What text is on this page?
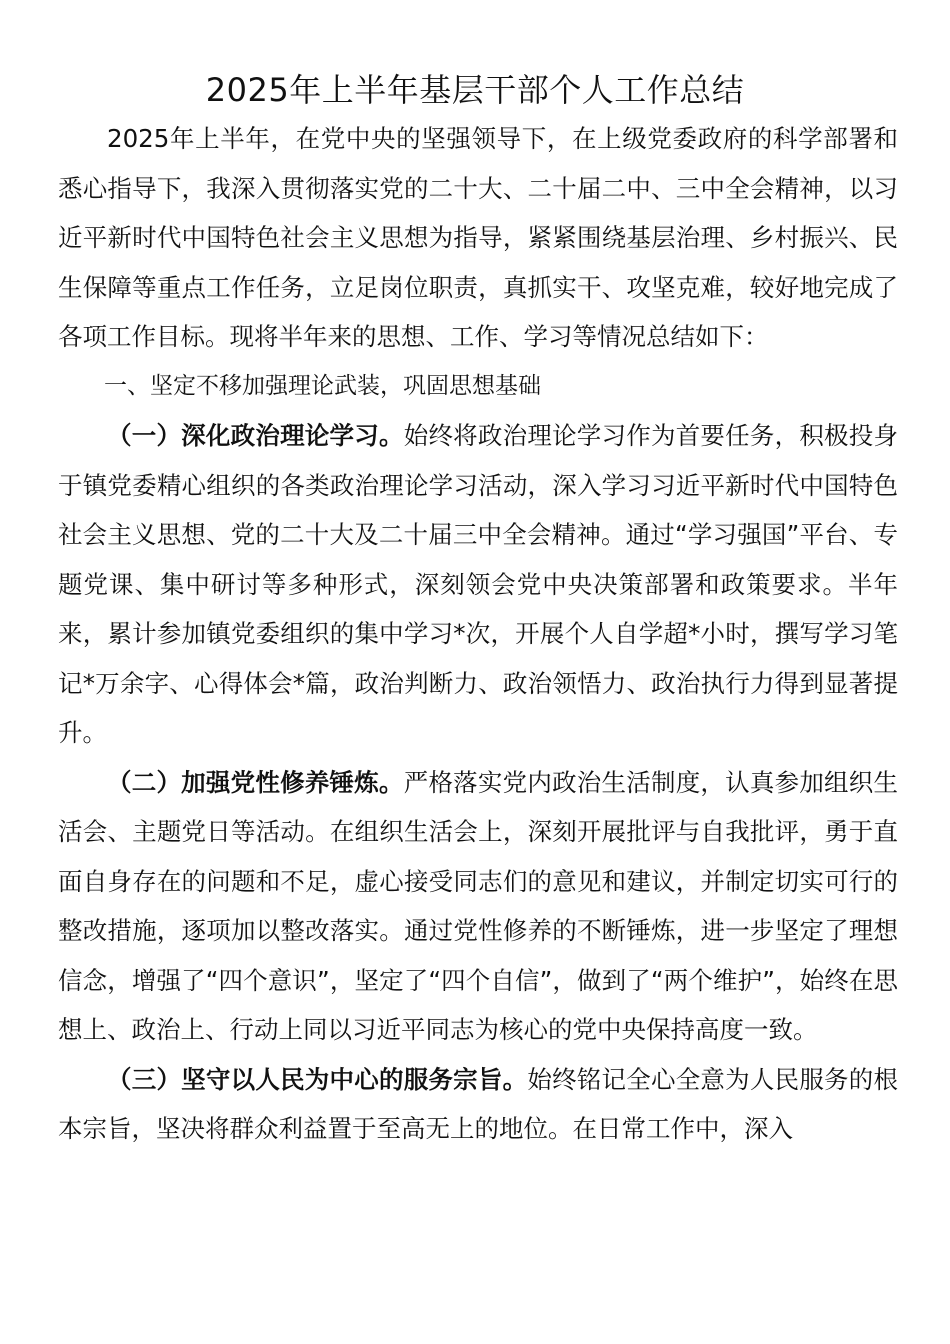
2025年上半年基层干部个人工作总结

2025年上半年，在党中央的坚强领导下，在上级党委政府的科学部署和悉心指导下，我深入贯彻落实党的二十大、二十届二中、三中全会精神，以习近平新时代中国特色社会主义思想为指导，紧紧围绕基层治理、乡村振兴、民生保障等重点工作任务，立足岗位职责，真抓实干、攻坚克难，较好地完成了各项工作目标。现将半年来的思想、工作、学习等情况总结如下：

一、坚定不移加强理论武装，巩固思想基础

（一）深化政治理论学习。始终将政治理论学习作为首要任务，积极投身于镇党委精心组织的各类政治理论学习活动，深入学习习近平新时代中国特色社会主义思想、党的二十大及二十届三中全会精神。通过“学习强国”平台、专题党课、集中研讨等多种形式，深刻领会党中央决策部署和政策要求。半年来，累计参加镇党委组织的集中学习*次，开展个人自学超*小时，撰写学习笔记*万余字、心得体会*篇，政治判断力、政治领悟力、政治执行力得到显著提升。

（二）加强党性修养锤炼。严格落实党内政治生活制度，认真参加组织生活会、主题党日等活动。在组织生活会上，深刻开展批评与自我批评，勇于直面自身存在的问题和不足，虚心接受同志们的意见和建议，并制定切实可行的整改措施，逐项加以整改落实。通过党性修养的不断锤炼，进一步坚定了理想信念，增强了“四个意识”，坚定了“四个自信”，做到了“两个维护”，始终在思想上、政治上、行动上同以习近平同志为核心的党中央保持高度一致。

（三）坚守以人民为中心的服务宗旨。始终铭记全心全意为人民服务的根本宗旨，坚决将群众利益置于至高无上的地位。在日常工作中，深入
